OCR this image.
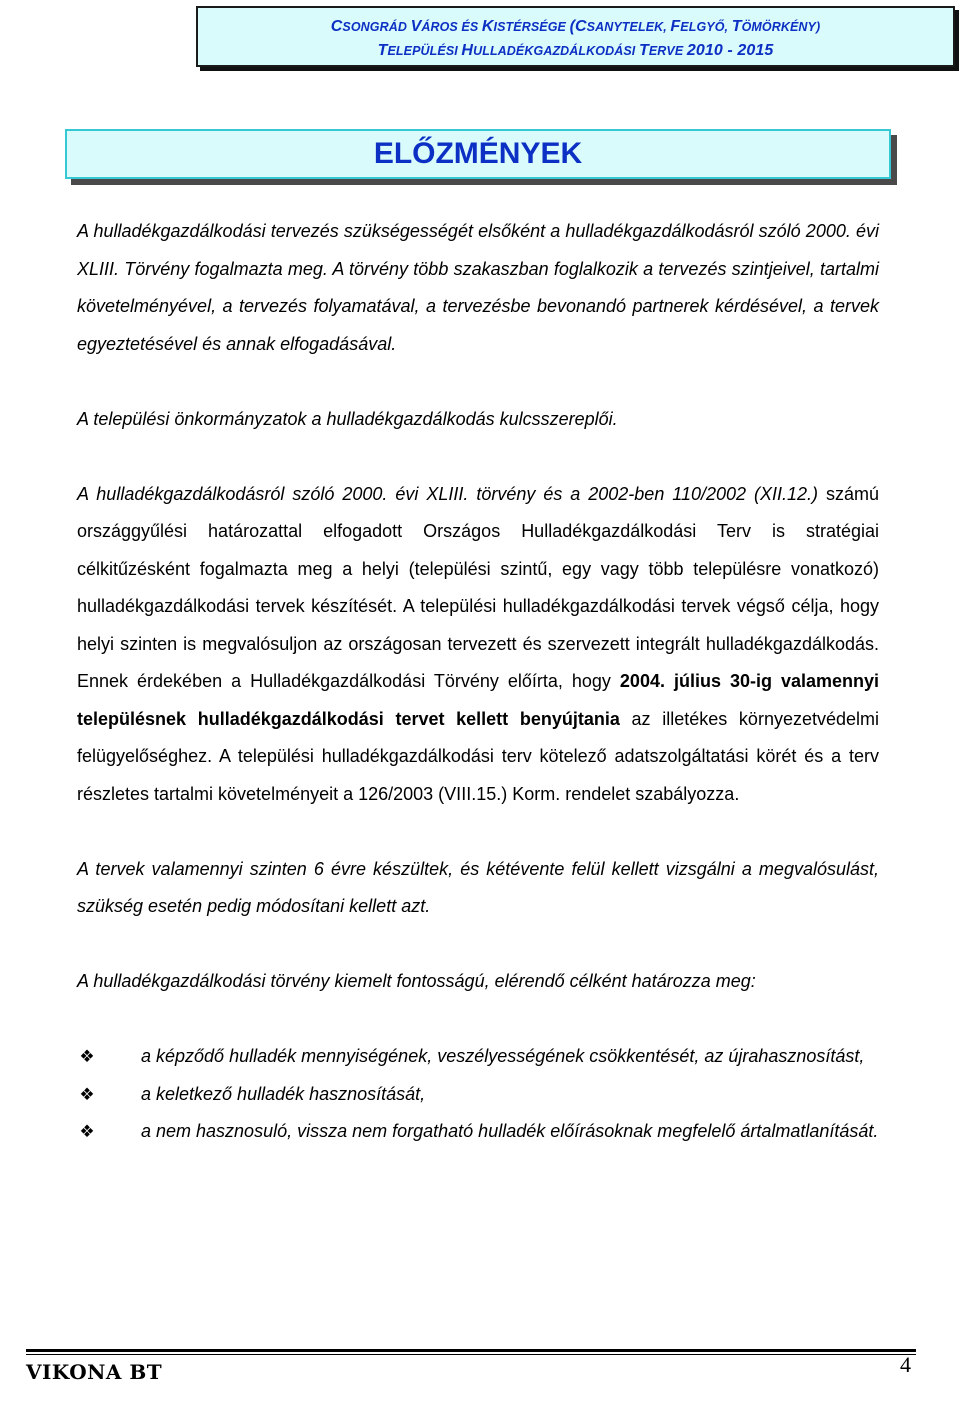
CSONGRÁD VÁROS ÉS KISTÉRSÉGE (CSANYTELEK, FELGYŐ, TÖMÖRKÉNY)
TELEPÜLÉSI HULLADÉKGAZDÁLKODÁSI TERVE 2010 - 2015
ELŐZMÉNYEK

A hulladékgazdálkodási tervezés szükségességét elsőként a hulladékgazdálkodásról szóló 2000. évi XLIII. Törvény fogalmazta meg. A törvény több szakaszban foglalkozik a tervezés szintjeivel, tartalmi követelményével, a tervezés folyamatával, a tervezésbe bevonandó partnerek kérdésével, a tervek egyeztetésével és annak elfogadásával.

A települési önkormányzatok a hulladékgazdálkodás kulcsszereplői.

A hulladékgazdálkodásról szóló 2000. évi XLIII. törvény és a 2002-ben 110/2002 (XII.12.) számú országgyűlési határozattal elfogadott Országos Hulladékgazdálkodási Terv is stratégiai célkitűzésként fogalmazta meg a helyi (települési szintű, egy vagy több településre vonatkozó) hulladékgazdálkodási tervek készítését. A települési hulladékgazdálkodási tervek végső célja, hogy helyi szinten is megvalósuljon az országosan tervezett és szervezett integrált hulladékgazdálkodás. Ennek érdekében a Hulladékgazdálkodási Törvény előírta, hogy 2004. július 30-ig valamennyi településnek hulladékgazdálkodási tervet kellett benyújtania az illetékes környezetvédelmi felügyelőséghez. A települési hulladékgazdálkodási terv kötelező adatszolgáltatási körét és a terv részletes tartalmi követelményeit a 126/2003 (VIII.15.) Korm. rendelet szabályozza.

A tervek valamennyi szinten 6 évre készültek, és kétévente felül kellett vizsgálni a megvalósulást, szükség esetén pedig módosítani kellett azt.

A hulladékgazdálkodási törvény kiemelt fontosságú, elérendő célként határozza meg:

❖	a képződő hulladék mennyiségének, veszélyességének csökkentését, az újrahasznosítást,
❖	a keletkező hulladék hasznosítását,
❖	a nem hasznosuló, vissza nem forgatható hulladék előírásoknak megfelelő ártalmatlanítását.
VIKONA BT	4
